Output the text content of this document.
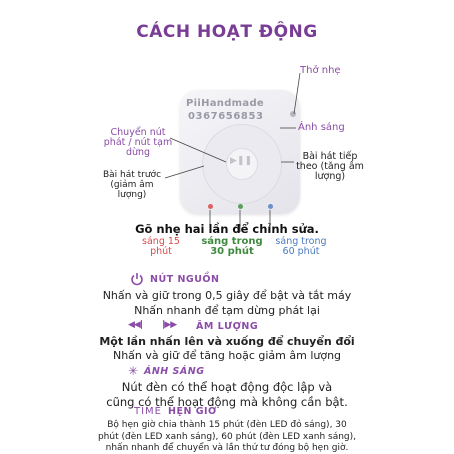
CÁCH HOẠT ĐỘNG
PiiHandmade
0367656853
▶❚❚
Thở nhẹ
Ánh sáng
Bài hát tiếp theo (tăng âm lượng)
Chuyển nút phát / nút tạm dừng
Bài hát trước (giảm âm lượng)
Gõ nhẹ hai lần để chỉnh sửa.
sáng 15 phút
sáng trong 30 phút
sáng trong 60 phút
NÚT NGUỒN
Nhấn và giữ trong 0,5 giây để bật và tắt máy
Nhấn nhanh để tạm dừng phát lại
◀◀| |▶▶ ÂM LƯỢNG
Một lần nhấn lên và xuống để chuyển đổi
Nhấn và giữ để tăng hoặc giảm âm lượng
✳ ÁNH SÁNG
Nút đèn có thể hoạt động độc lập và
cũng có thể hoạt động mà không cần bật.
TIME HẸN GIỜ
Bộ hẹn giờ chia thành 15 phút (đèn LED đỏ sáng), 30
phút (đèn LED xanh sáng), 60 phút (đèn LED xanh sáng),
nhấn nhanh để chuyển và lần thứ tư đóng bộ hẹn giờ.
